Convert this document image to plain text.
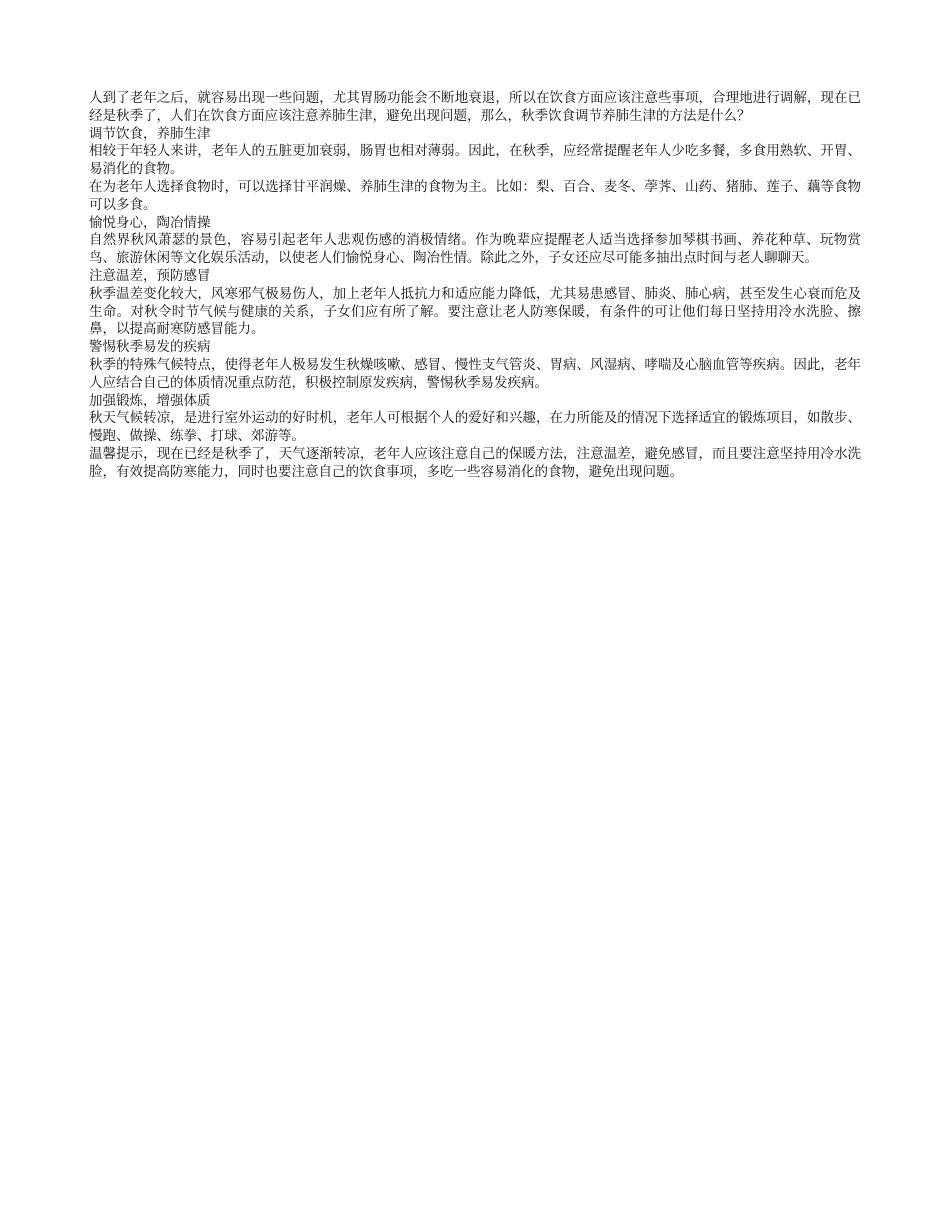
人到了老年之后，就容易出现一些问题，尤其胃肠功能会不断地衰退，所以在饮食方面应该注意些事项，合理地进行调解，现在已经是秋季了，人们在饮食方面应该注意养肺生津，避免出现问题，那么，秋季饮食调节养肺生津的方法是什么？
调节饮食，养肺生津
相较于年轻人来讲，老年人的五脏更加衰弱，肠胃也相对薄弱。因此，在秋季，应经常提醒老年人少吃多餐，多食用熟软、开胃、易消化的食物。
在为老年人选择食物时，可以选择甘平润燥、养肺生津的食物为主。比如：梨、百合、麦冬、荸荠、山药、猪肺、莲子、藕等食物可以多食。
愉悦身心，陶冶情操
自然界秋风萧瑟的景色，容易引起老年人悲观伤感的消极情绪。作为晚辈应提醒老人适当选择参加琴棋书画、养花种草、玩物赏鸟、旅游休闲等文化娱乐活动，以使老人们愉悦身心、陶冶性情。除此之外，子女还应尽可能多抽出点时间与老人聊聊天。
注意温差，预防感冒
秋季温差变化较大，风寒邪气极易伤人，加上老年人抵抗力和适应能力降低，尤其易患感冒、肺炎、肺心病，甚至发生心衰而危及生命。对秋令时节气候与健康的关系，子女们应有所了解。要注意让老人防寒保暖，有条件的可让他们每日坚持用冷水洗脸、擦鼻，以提高耐寒防感冒能力。
警惕秋季易发的疾病
秋季的特殊气候特点，使得老年人极易发生秋燥咳嗽、感冒、慢性支气管炎、胃病、风湿病、哮喘及心脑血管等疾病。因此，老年人应结合自己的体质情况重点防范，积极控制原发疾病，警惕秋季易发疾病。
加强锻炼，增强体质
秋天气候转凉，是进行室外运动的好时机，老年人可根据个人的爱好和兴趣，在力所能及的情况下选择适宜的锻炼项目，如散步、慢跑、做操、练拳、打球、郊游等。
温馨提示，现在已经是秋季了，天气逐渐转凉，老年人应该注意自己的保暖方法，注意温差，避免感冒，而且要注意坚持用冷水洗脸，有效提高防寒能力，同时也要注意自己的饮食事项，多吃一些容易消化的食物，避免出现问题。
